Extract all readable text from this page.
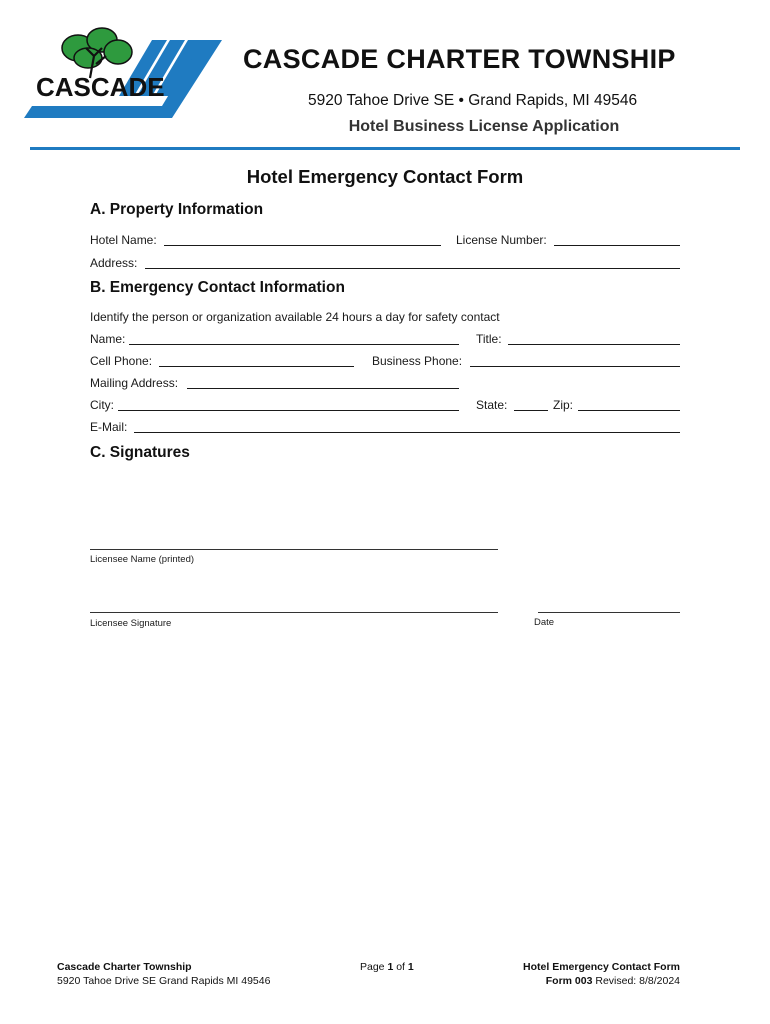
CASCADE
CASCADE CHARTER TOWNSHIP
5920 Tahoe Drive SE • Grand Rapids, MI 49546
Hotel Business License Application
Hotel Emergency Contact Form
A. Property Information
Hotel Name:	License Number:
Address:
B. Emergency Contact Information
Identify the person or organization available 24 hours a day for safety contact
Name:	Title:
Cell Phone:	Business Phone:
Mailing Address:
City:	State:	Zip:
E-Mail:
C. Signatures
Licensee Name (printed)
Licensee Signature	Date
Cascade Charter Township
5920 Tahoe Drive SE Grand Rapids MI 49546
Page 1 of 1	Hotel Emergency Contact Form
Form 003 Revised: 8/8/2024
